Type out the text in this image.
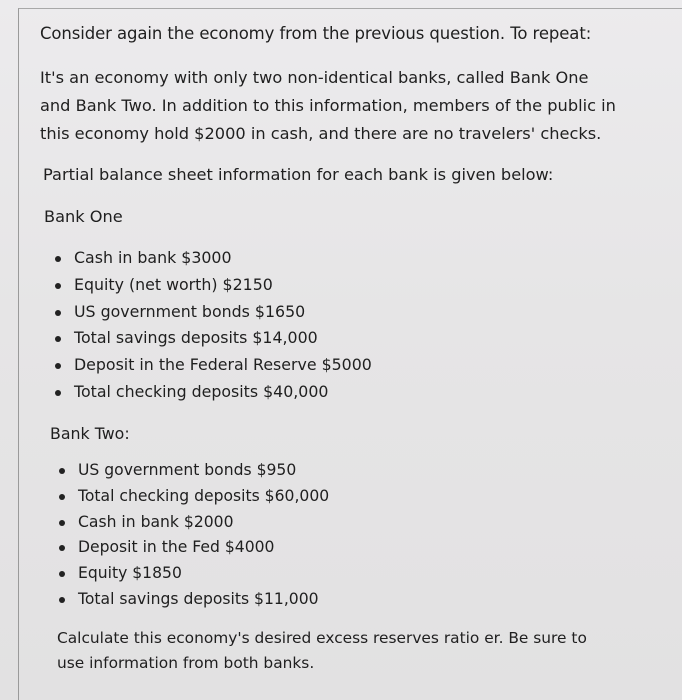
Consider again the economy from the previous question. To repeat:
It's an economy with only two non-identical banks, called Bank One and Bank Two. In addition to this information, members of the public in this economy hold $2000 in cash, and there are no travelers' checks.
Partial balance sheet information for each bank is given below:
Bank One
Cash in bank $3000
Equity (net worth) $2150
US government bonds $1650
Total savings deposits $14,000
Deposit in the Federal Reserve $5000
Total checking deposits $40,000
Bank Two:
US government bonds $950
Total checking deposits $60,000
Cash in bank $2000
Deposit in the Fed $4000
Equity $1850
Total savings deposits $11,000
Calculate this economy's desired excess reserves ratio er. Be sure to use information from both banks.
